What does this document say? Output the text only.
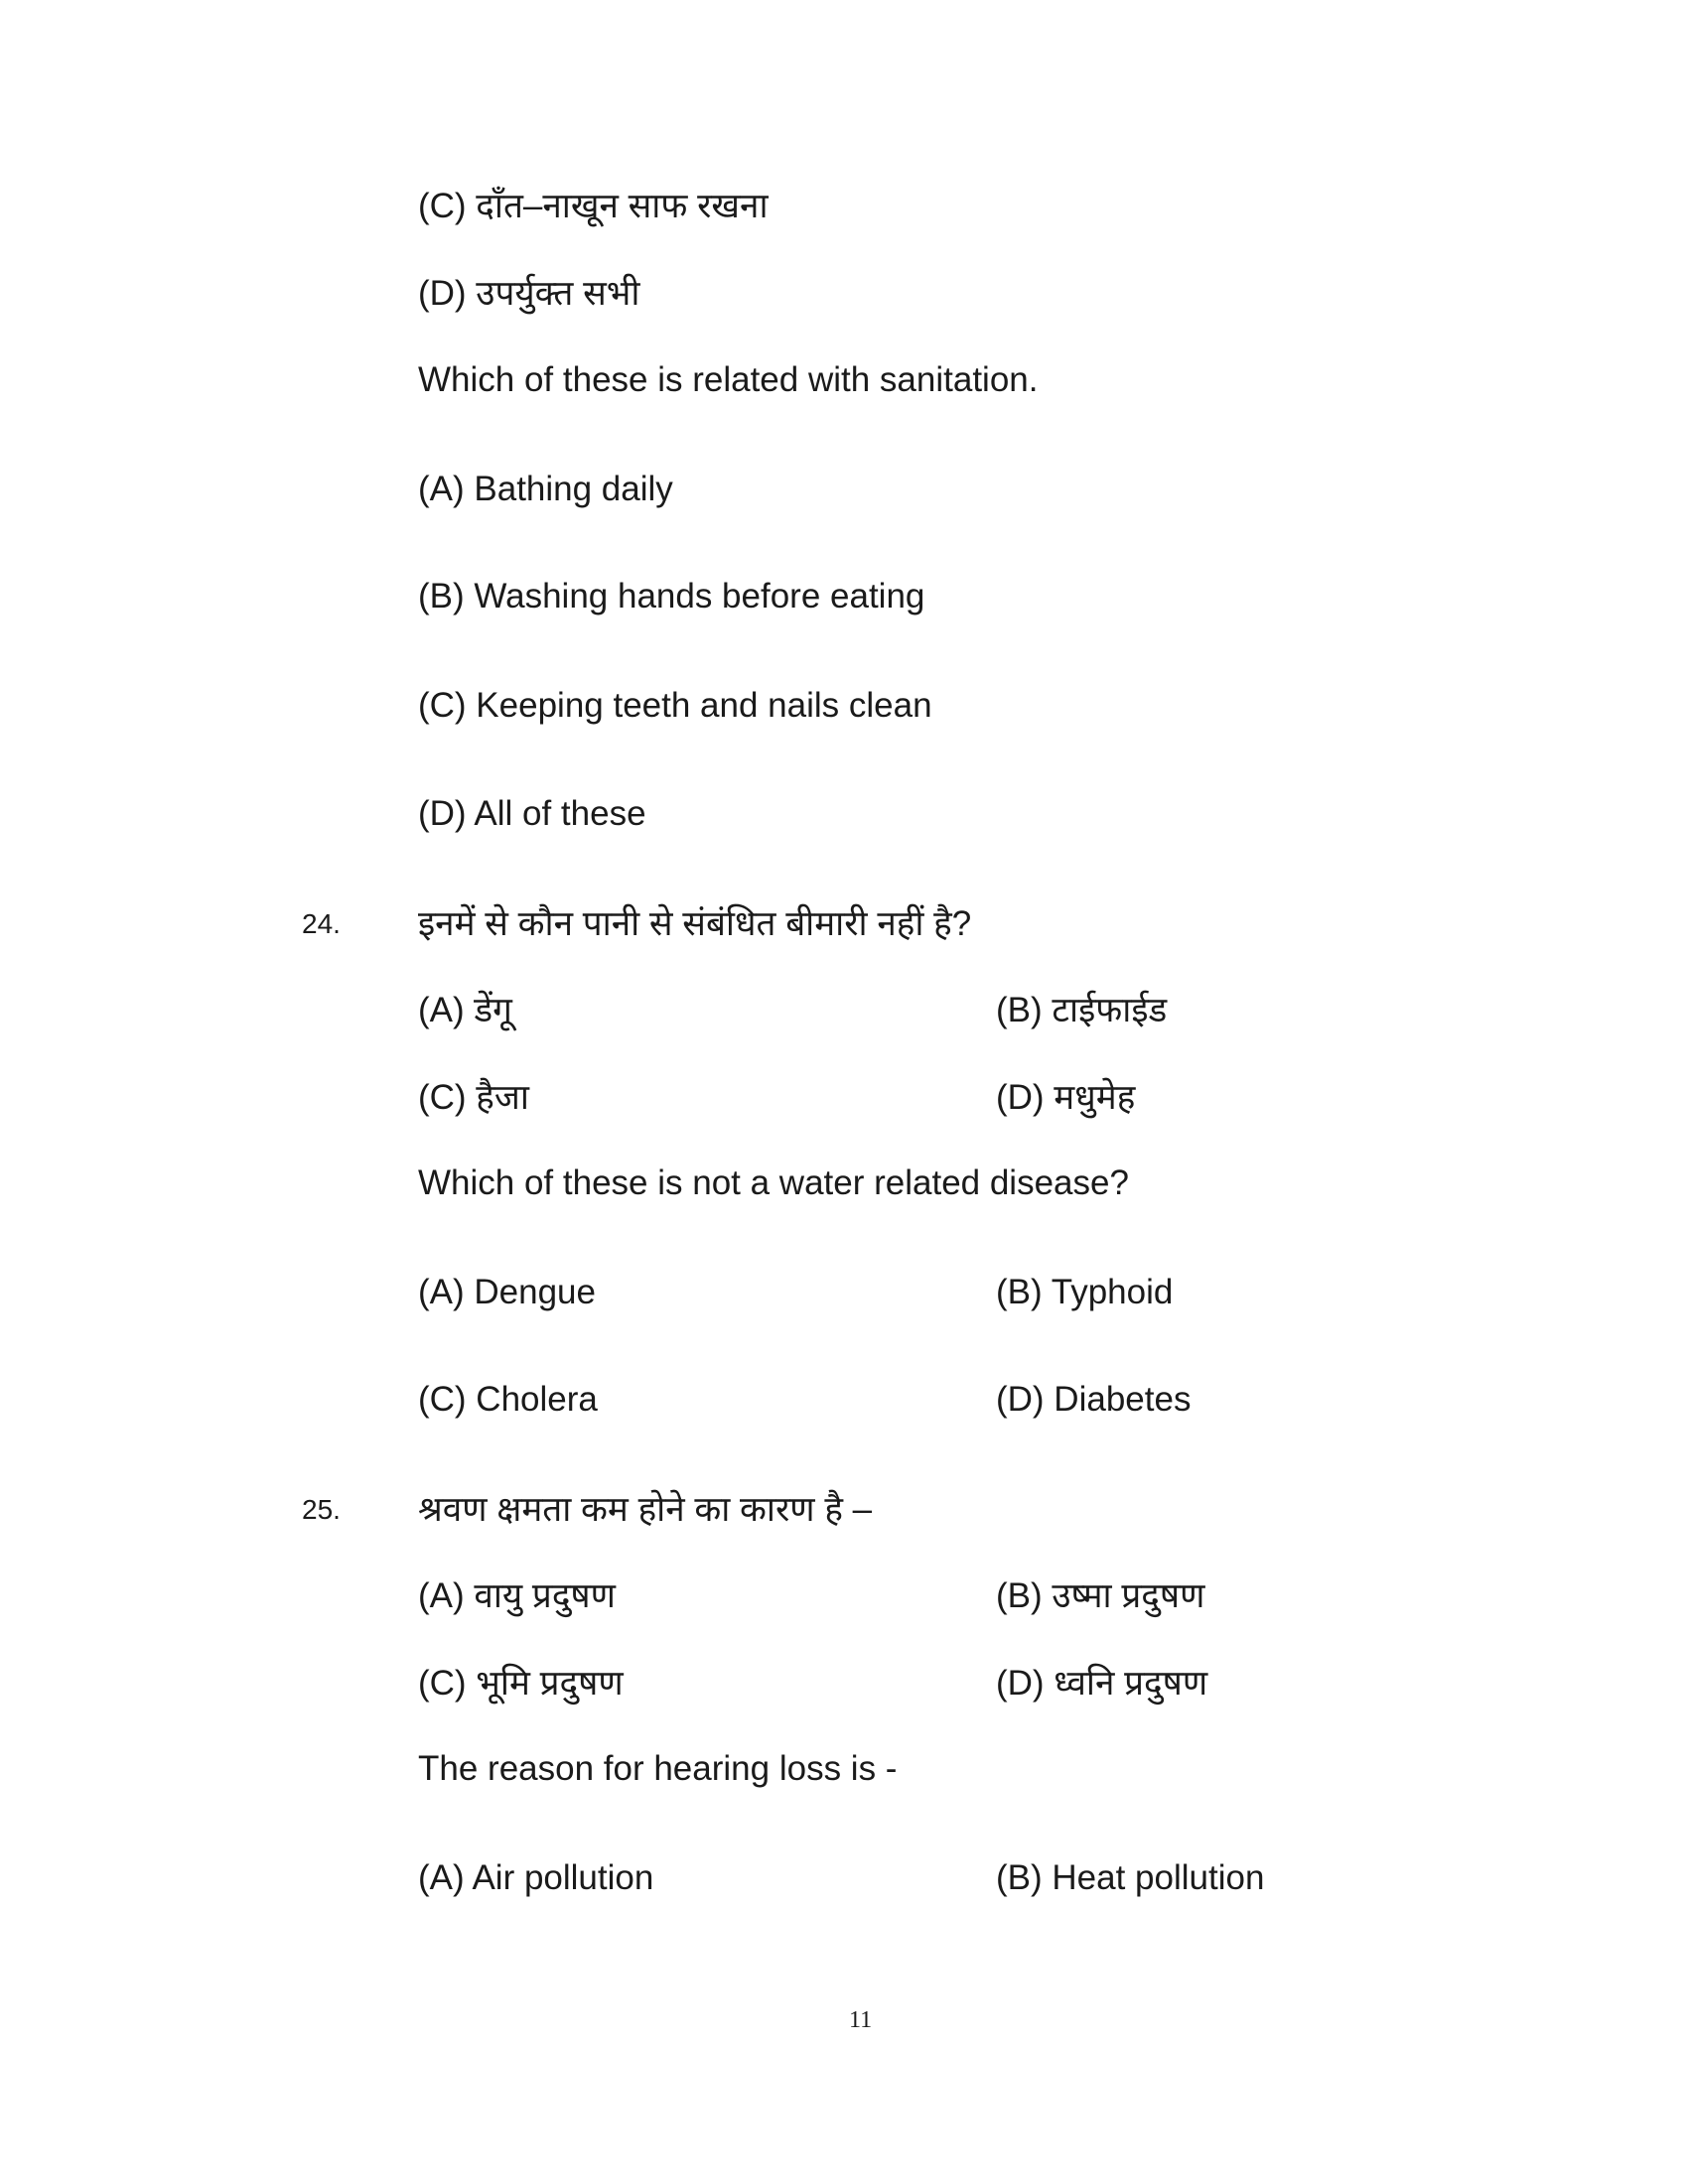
(C) दाँत–नाखून साफ रखना
(D) उपर्युक्त सभी
Which of these is related with sanitation.
(A) Bathing daily
(B) Washing hands before eating
(C) Keeping teeth and nails clean
(D) All of these
24. इनमें से कौन पानी से संबंधित बीमारी नहीं है?
(A) डेंगू	(B) टाईफाईड
(C) हैजा	(D) मधुमेह
Which of these is not a water related disease?
(A) Dengue	(B) Typhoid
(C) Cholera	(D) Diabetes
25. श्रवण क्षमता कम होने का कारण है –
(A) वायु प्रदुषण	(B) उष्मा प्रदुषण
(C) भूमि प्रदुषण	(D) ध्वनि प्रदुषण
The reason for hearing loss is -
(A) Air pollution	(B) Heat pollution
11
